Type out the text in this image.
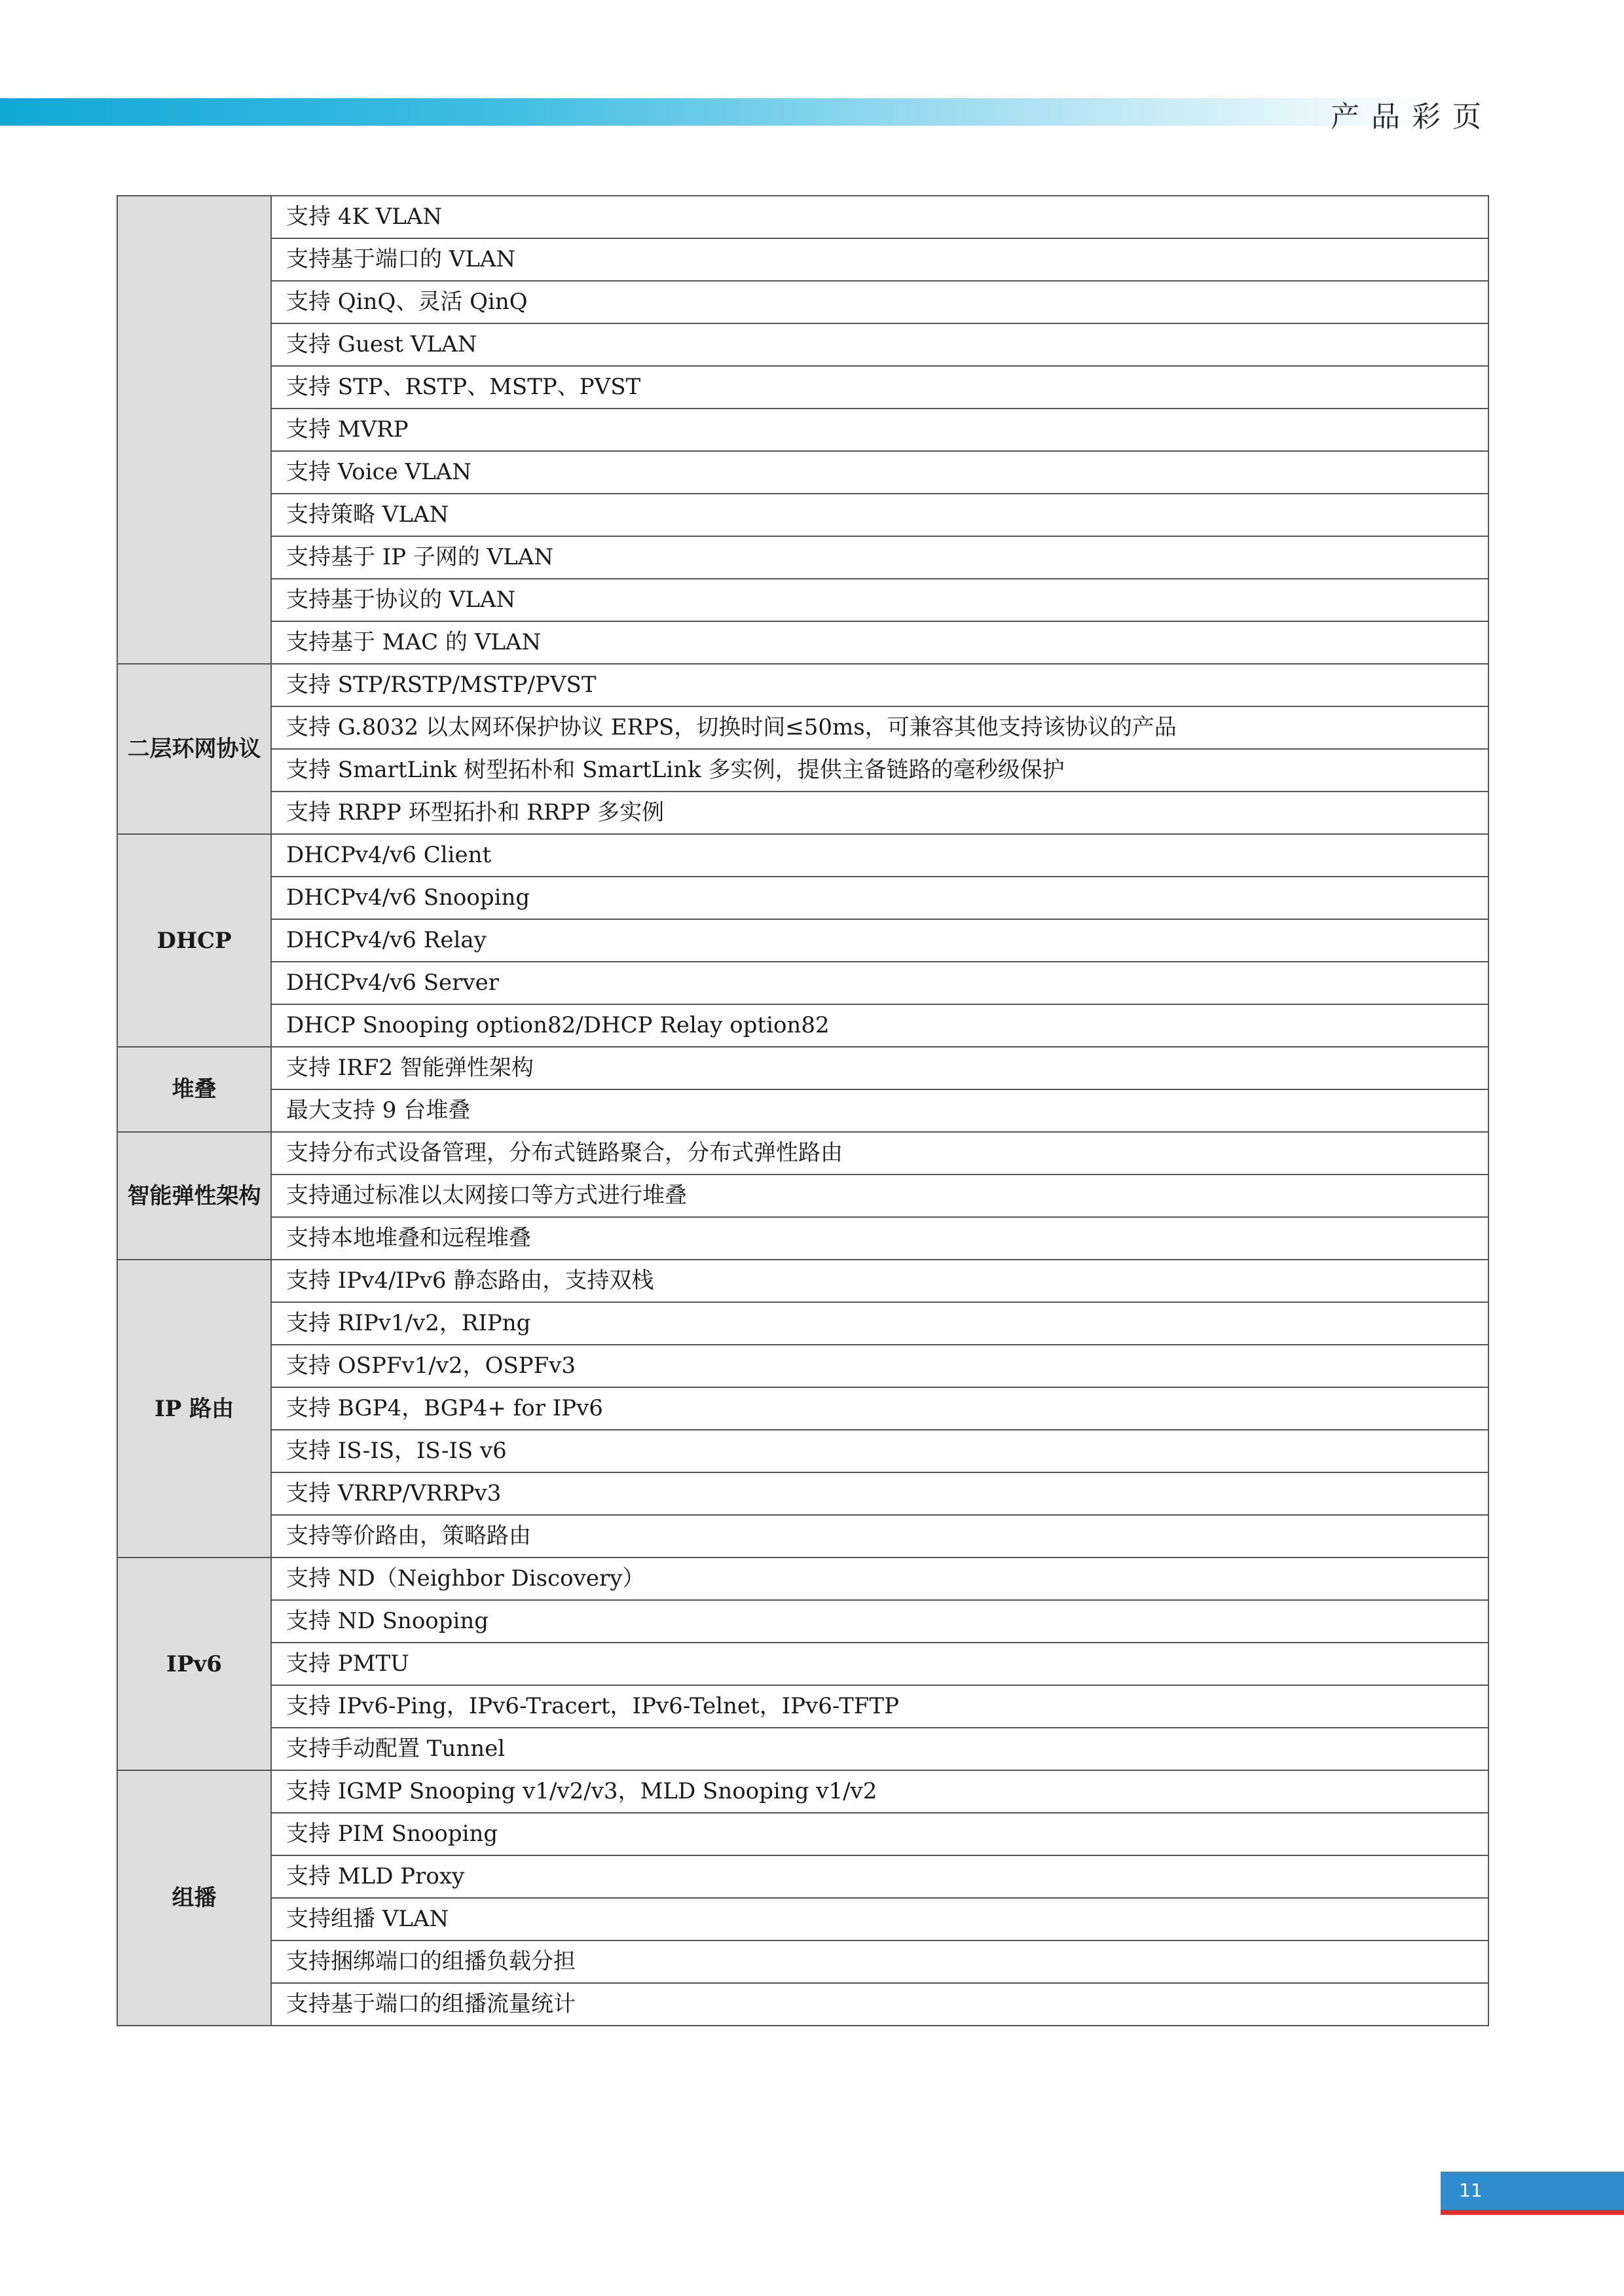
产品彩页
	支持 4K VLAN
	支持基于端口的 VLAN
	支持 QinQ、灵活 QinQ
	支持 Guest VLAN
	支持 STP、RSTP、MSTP、PVST
	支持 MVRP
	支持 Voice VLAN
	支持策略 VLAN
	支持基于 IP 子网的 VLAN
	支持基于协议的 VLAN
	支持基于 MAC 的 VLAN
二层环网协议	支持 STP/RSTP/MSTP/PVST
	支持 G.8032 以太网环保护协议 ERPS，切换时间≤50ms，可兼容其他支持该协议的产品
	支持 SmartLink 树型拓朴和 SmartLink 多实例，提供主备链路的毫秒级保护
	支持 RRPP 环型拓扑和 RRPP 多实例
DHCP	DHCPv4/v6 Client
	DHCPv4/v6 Snooping
	DHCPv4/v6 Relay
	DHCPv4/v6 Server
	DHCP Snooping option82/DHCP Relay option82
堆叠	支持 IRF2 智能弹性架构
	最大支持 9 台堆叠
智能弹性架构	支持分布式设备管理，分布式链路聚合，分布式弹性路由
	支持通过标准以太网接口等方式进行堆叠
	支持本地堆叠和远程堆叠
IP 路由	支持 IPv4/IPv6 静态路由，支持双栈
	支持 RIPv1/v2，RIPng
	支持 OSPFv1/v2，OSPFv3
	支持 BGP4，BGP4+ for IPv6
	支持 IS-IS，IS-IS v6
	支持 VRRP/VRRPv3
	支持等价路由，策略路由
IPv6	支持 ND（Neighbor Discovery）
	支持 ND Snooping
	支持 PMTU
	支持 IPv6-Ping，IPv6-Tracert，IPv6-Telnet，IPv6-TFTP
	支持手动配置 Tunnel
组播	支持 IGMP Snooping v1/v2/v3，MLD Snooping v1/v2
	支持 PIM Snooping
	支持 MLD Proxy
	支持组播 VLAN
	支持捆绑端口的组播负载分担
	支持基于端口的组播流量统计
11
